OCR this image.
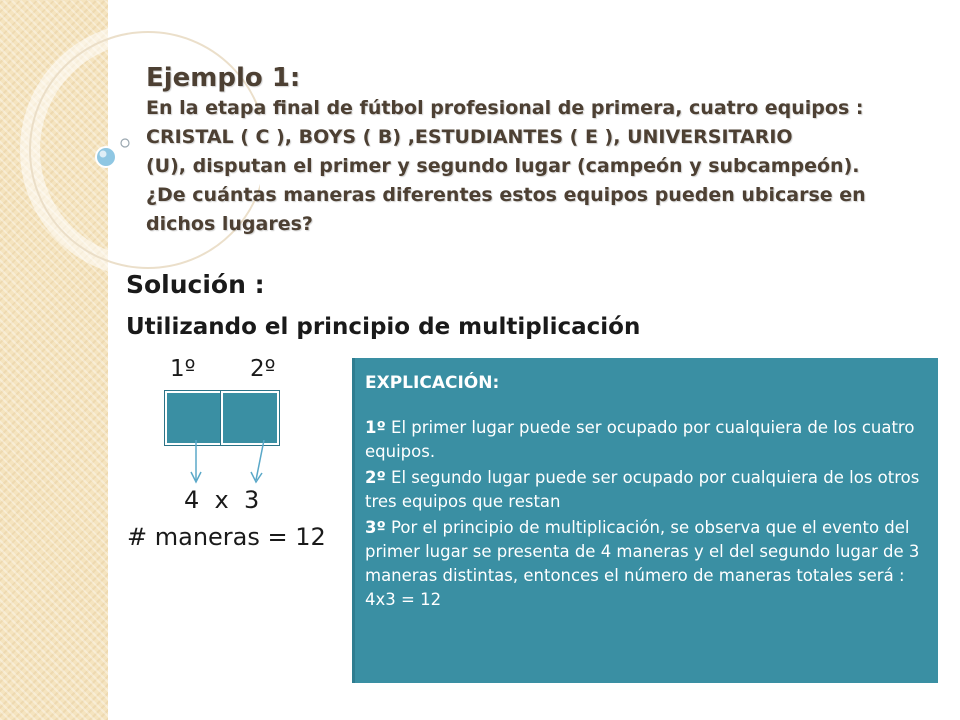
Ejemplo 1:
En la etapa final de fútbol profesional de primera, cuatro equipos :
CRISTAL ( C ), BOYS ( B) ,ESTUDIANTES ( E ), UNIVERSITARIO
(U), disputan el primer y segundo lugar (campeón y subcampeón).
¿De cuántas maneras diferentes estos equipos pueden ubicarse en
dichos lugares?
Solución :
Utilizando el principio de multiplicación
1º 2º
4  x  3
# maneras = 12
EXPLICACIÓN:
1º El primer lugar puede ser ocupado por cualquiera de los cuatro equipos.
2º El segundo lugar puede ser ocupado por cualquiera de los otros tres equipos que restan
3º Por el principio de multiplicación, se observa que el evento del primer lugar se presenta de 4 maneras y el del segundo lugar de 3 maneras distintas, entonces el número de maneras totales será : 4x3 = 12
